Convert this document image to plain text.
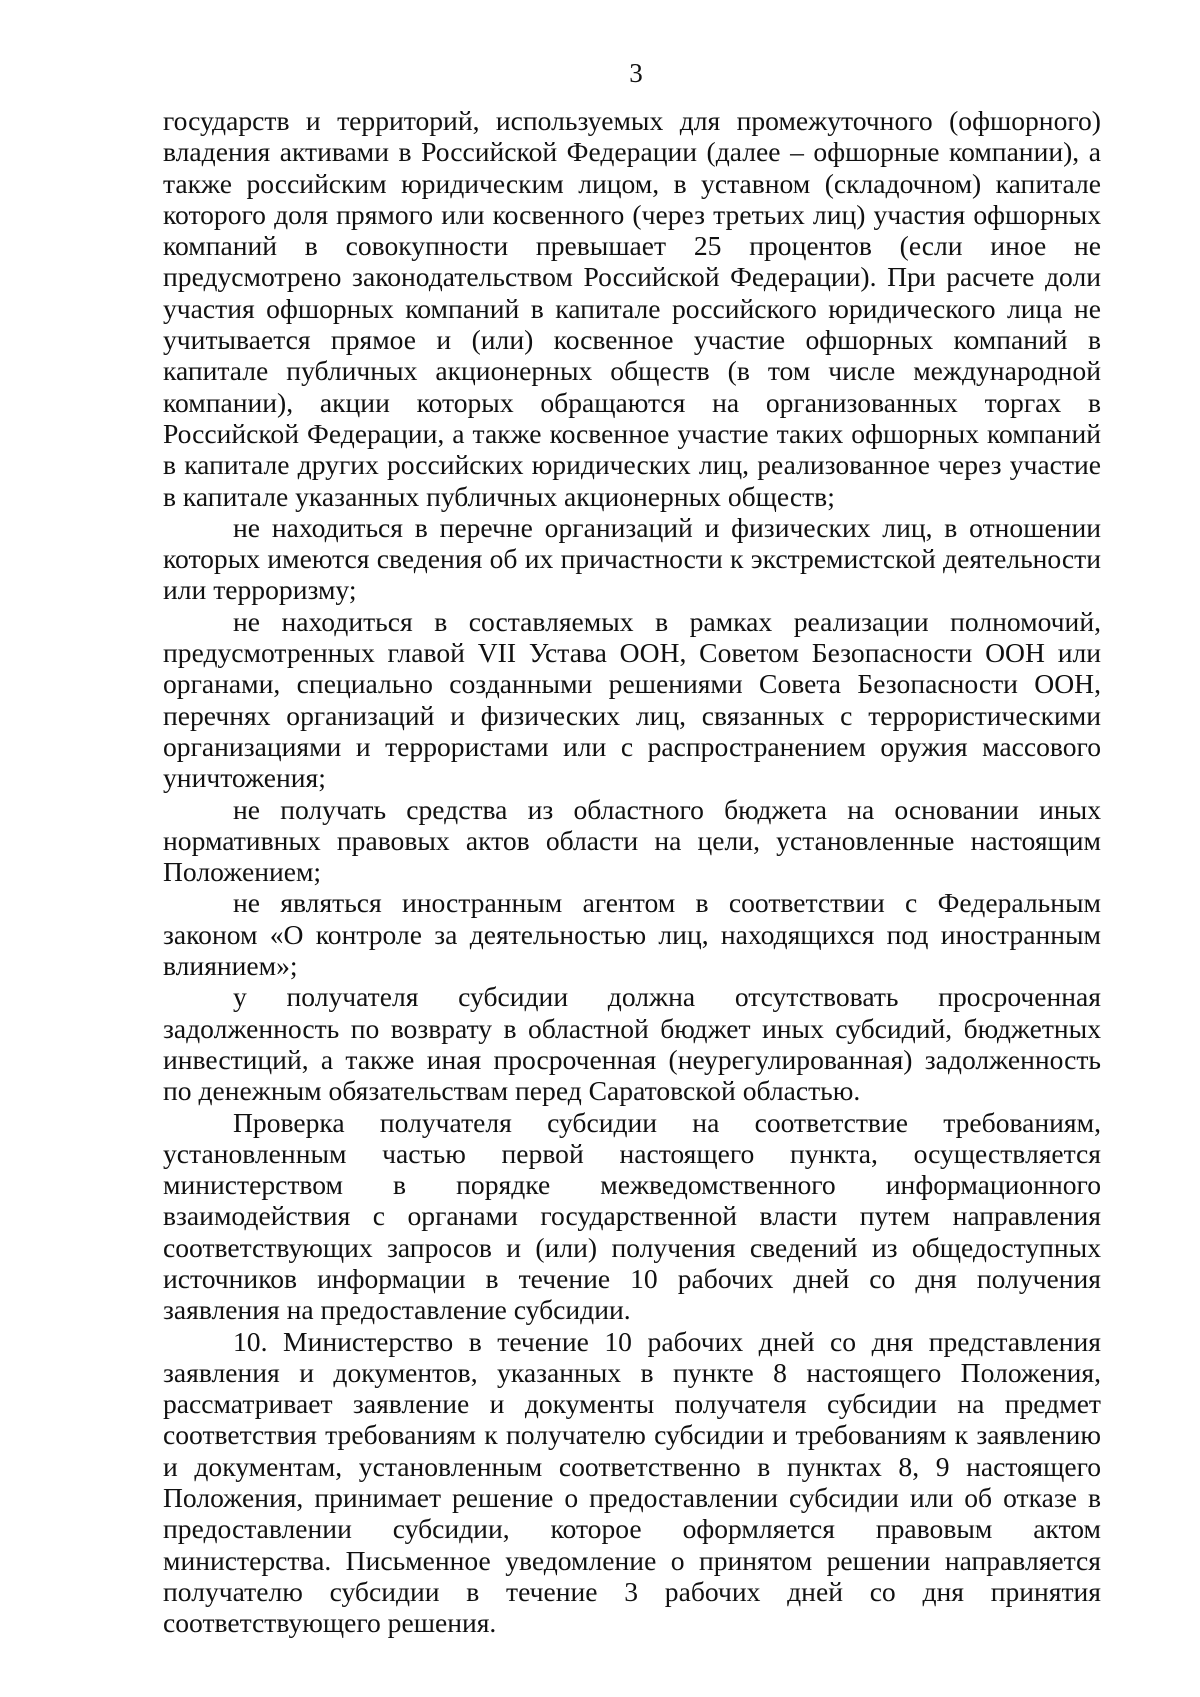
3

государств и территорий, используемых для промежуточного (офшорного) владения активами в Российской Федерации (далее – офшорные компании), а также российским юридическим лицом, в уставном (складочном) капитале которого доля прямого или косвенного (через третьих лиц) участия офшорных компаний в совокупности превышает 25 процентов (если иное не предусмотрено законодательством Российской Федерации). При расчете доли участия офшорных компаний в капитале российского юридического лица не учитывается прямое и (или) косвенное участие офшорных компаний в капитале публичных акционерных обществ (в том числе международной компании), акции которых обращаются на организованных торгах в Российской Федерации, а также косвенное участие таких офшорных компаний в капитале других российских юридических лиц, реализованное через участие в капитале указанных публичных акционерных обществ;

не находиться в перечне организаций и физических лиц, в отношении которых имеются сведения об их причастности к экстремистской деятельности или терроризму;

не находиться в составляемых в рамках реализации полномочий, предусмотренных главой VII Устава ООН, Советом Безопасности ООН или органами, специально созданными решениями Совета Безопасности ООН, перечнях организаций и физических лиц, связанных с террористическими организациями и террористами или с распространением оружия массового уничтожения;

не получать средства из областного бюджета на основании иных нормативных правовых актов области на цели, установленные настоящим Положением;

не являться иностранным агентом в соответствии с Федеральным законом «О контроле за деятельностью лиц, находящихся под иностранным влиянием»;

у получателя субсидии должна отсутствовать просроченная задолженность по возврату в областной бюджет иных субсидий, бюджетных инвестиций, а также иная просроченная (неурегулированная) задолженность по денежным обязательствам перед Саратовской областью.

Проверка получателя субсидии на соответствие требованиям, установленным частью первой настоящего пункта, осуществляется министерством в порядке межведомственного информационного взаимодействия с органами государственной власти путем направления соответствующих запросов и (или) получения сведений из общедоступных источников информации в течение 10 рабочих дней со дня получения заявления на предоставление субсидии.

10. Министерство в течение 10 рабочих дней со дня представления заявления и документов, указанных в пункте 8 настоящего Положения, рассматривает заявление и документы получателя субсидии на предмет соответствия требованиям к получателю субсидии и требованиям к заявлению и документам, установленным соответственно в пунктах 8, 9 настоящего Положения, принимает решение о предоставлении субсидии или об отказе в предоставлении субсидии, которое оформляется правовым актом министерства. Письменное уведомление о принятом решении направляется получателю субсидии в течение 3 рабочих дней со дня принятия соответствующего решения.
